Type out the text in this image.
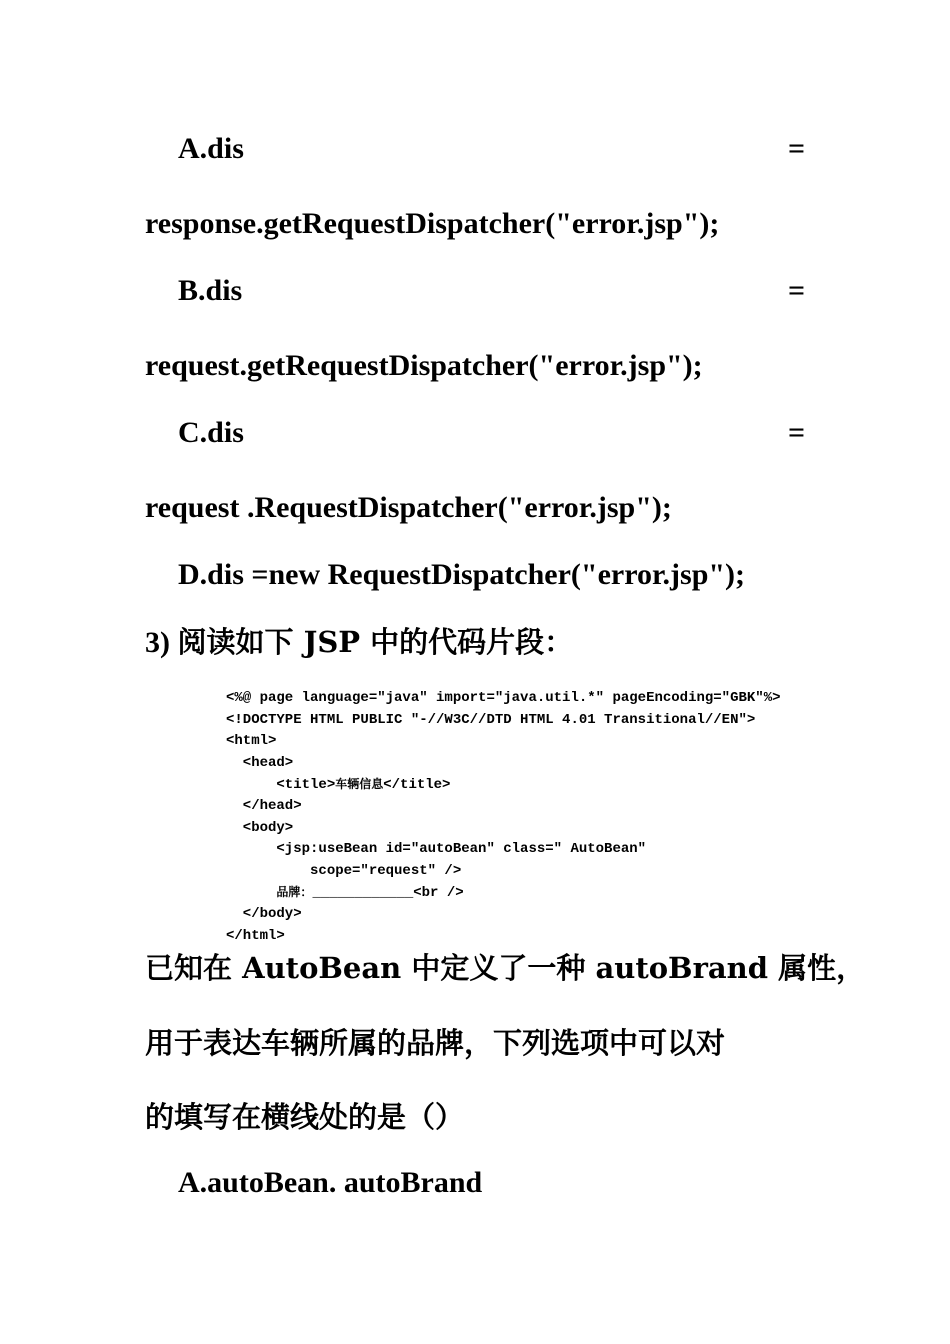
A.dis	=
response.getRequestDispatcher("error.jsp");
B.dis	=
request.getRequestDispatcher("error.jsp");
C.dis	=
request .RequestDispatcher("error.jsp");
D.dis =new RequestDispatcher("error.jsp");
3) 阅读如下 JSP 中的代码片段：
<%@ page language="java" import="java.util.*" pageEncoding="GBK"%>
<!DOCTYPE HTML PUBLIC "-//W3C//DTD HTML 4.01 Transitional//EN">
<html>
<head>
<title>车辆信息</title>
</head>
<body>
<jsp:useBean id="autoBean" class=" AutoBean"
scope="request" />
品牌：____________<br />
</body>
</html>
已知在 AutoBean 中定义了一种 autoBrand 属性，
用于表达车辆所属的品牌，下列选项中可以对
的填写在横线处的是（）
A.autoBean. autoBrand
